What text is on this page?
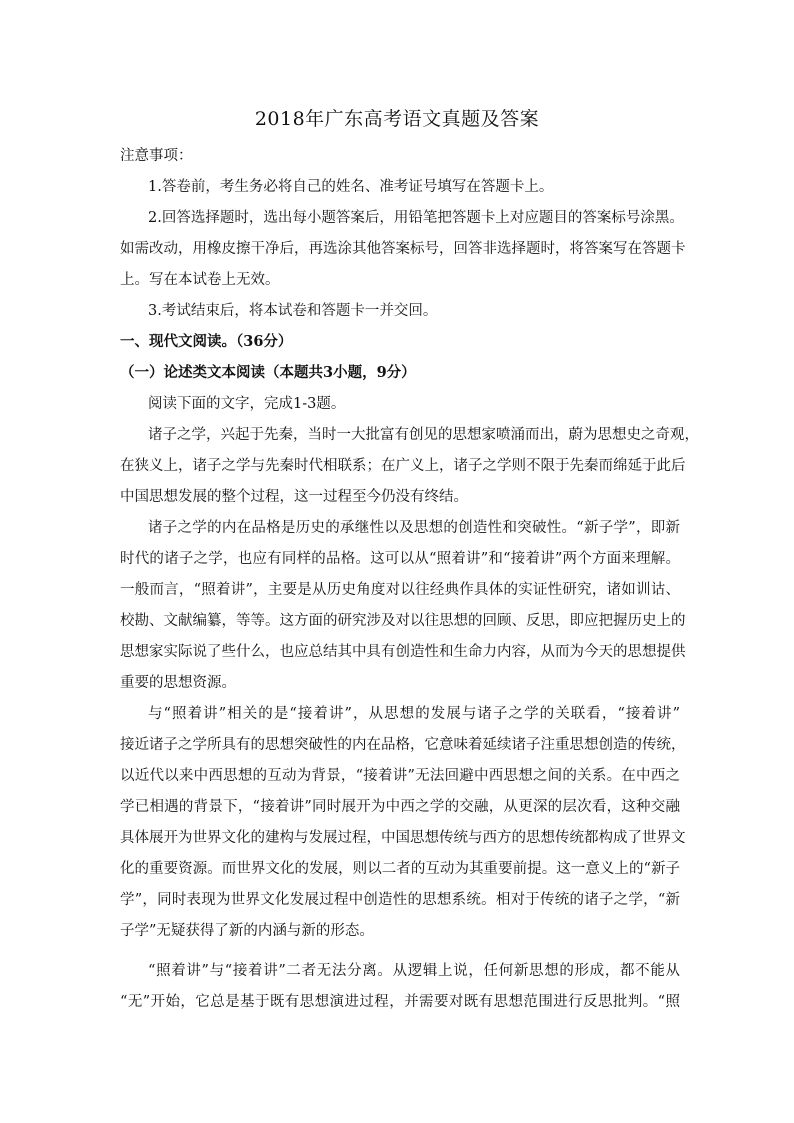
2018年广东高考语文真题及答案
注意事项：
1.答卷前，考生务必将自己的姓名、准考证号填写在答题卡上。
2.回答选择题时，选出每小题答案后，用铅笔把答题卡上对应题目的答案标号涂黑。
如需改动，用橡皮擦干净后，再选涂其他答案标号，回答非选择题时，将答案写在答题卡
上。写在本试卷上无效。
3.考试结束后，将本试卷和答题卡一并交回。
一、现代文阅读。（36分）
（一）论述类文本阅读（本题共3小题，9分）
阅读下面的文字，完成1-3题。
诸子之学，兴起于先秦，当时一大批富有创见的思想家喷涌而出，蔚为思想史之奇观，
在狭义上，诸子之学与先秦时代相联系；在广义上，诸子之学则不限于先秦而绵延于此后
中国思想发展的整个过程，这一过程至今仍没有终结。
诸子之学的内在品格是历史的承继性以及思想的创造性和突破性。“新子学”，即新
时代的诸子之学，也应有同样的品格。这可以从“照着讲”和“接着讲”两个方面来理解。
一般而言，“照着讲”，主要是从历史角度对以往经典作具体的实证性研究，诸如训诂、
校勘、文献编纂，等等。这方面的研究涉及对以往思想的回顾、反思，即应把握历史上的
思想家实际说了些什么，也应总结其中具有创造性和生命力内容，从而为今天的思想提供
重要的思想资源。
与“照着讲”相关的是“接着讲”，从思想的发展与诸子之学的关联看，“接着讲”
接近诸子之学所具有的思想突破性的内在品格，它意味着延续诸子注重思想创造的传统，
以近代以来中西思想的互动为背景，“接着讲”无法回避中西思想之间的关系。在中西之
学已相遇的背景下，“接着讲”同时展开为中西之学的交融，从更深的层次看，这种交融
具体展开为世界文化的建构与发展过程，中国思想传统与西方的思想传统都构成了世界文
化的重要资源。而世界文化的发展，则以二者的互动为其重要前提。这一意义上的“新子
学”，同时表现为世界文化发展过程中创造性的思想系统。相对于传统的诸子之学，“新
子学”无疑获得了新的内涵与新的形态。
“照着讲”与“接着讲”二者无法分离。从逻辑上说，任何新思想的形成，都不能从
“无”开始，它总是基于既有思想演进过程，并需要对既有思想范围进行反思批判。“照
